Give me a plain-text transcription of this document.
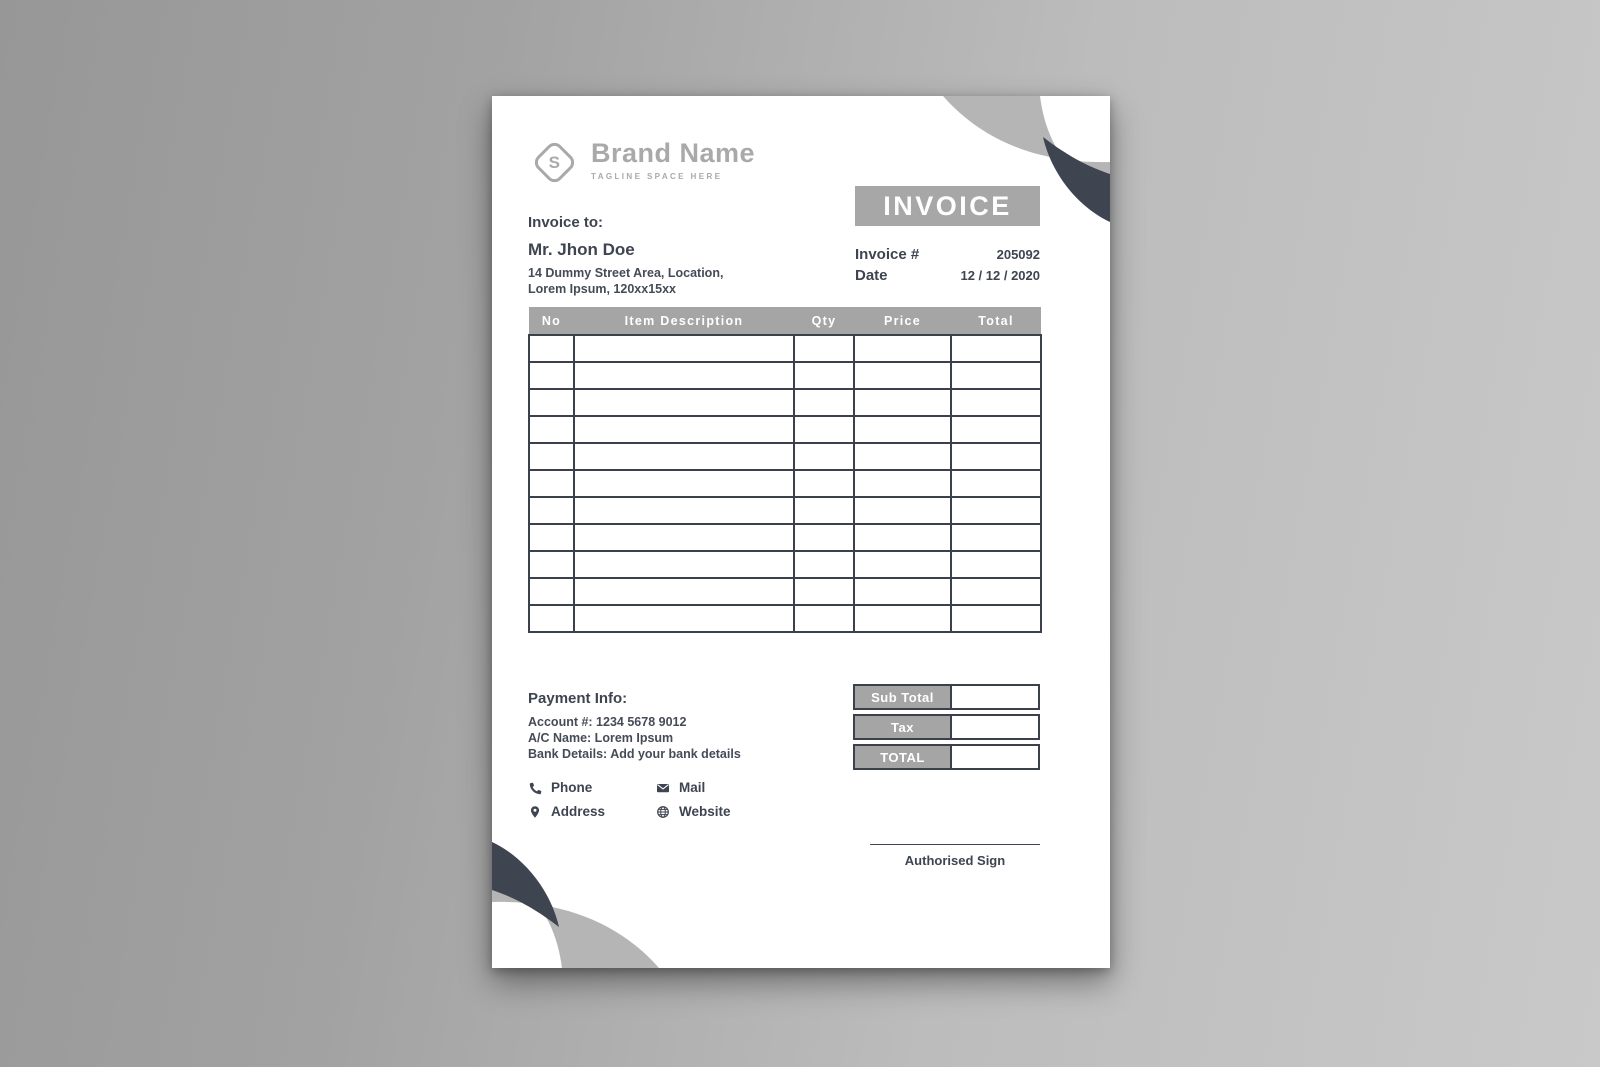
S Brand Name
TAGLINE SPACE HERE
Invoice to:
Mr. Jhon Doe
14 Dummy Street Area, Location,
Lorem Ipsum, 120xx15xx
INVOICE
Invoice #	205092
Date	12 / 12 / 2020
No	Item Description	Qty	Price	Total

Sub Total
Tax
TOTAL
Payment Info:
Account #: 1234 5678 9012
A/C Name: Lorem Ipsum
Bank Details: Add your bank details
Phone	Mail
Address	Website
Authorised Sign
